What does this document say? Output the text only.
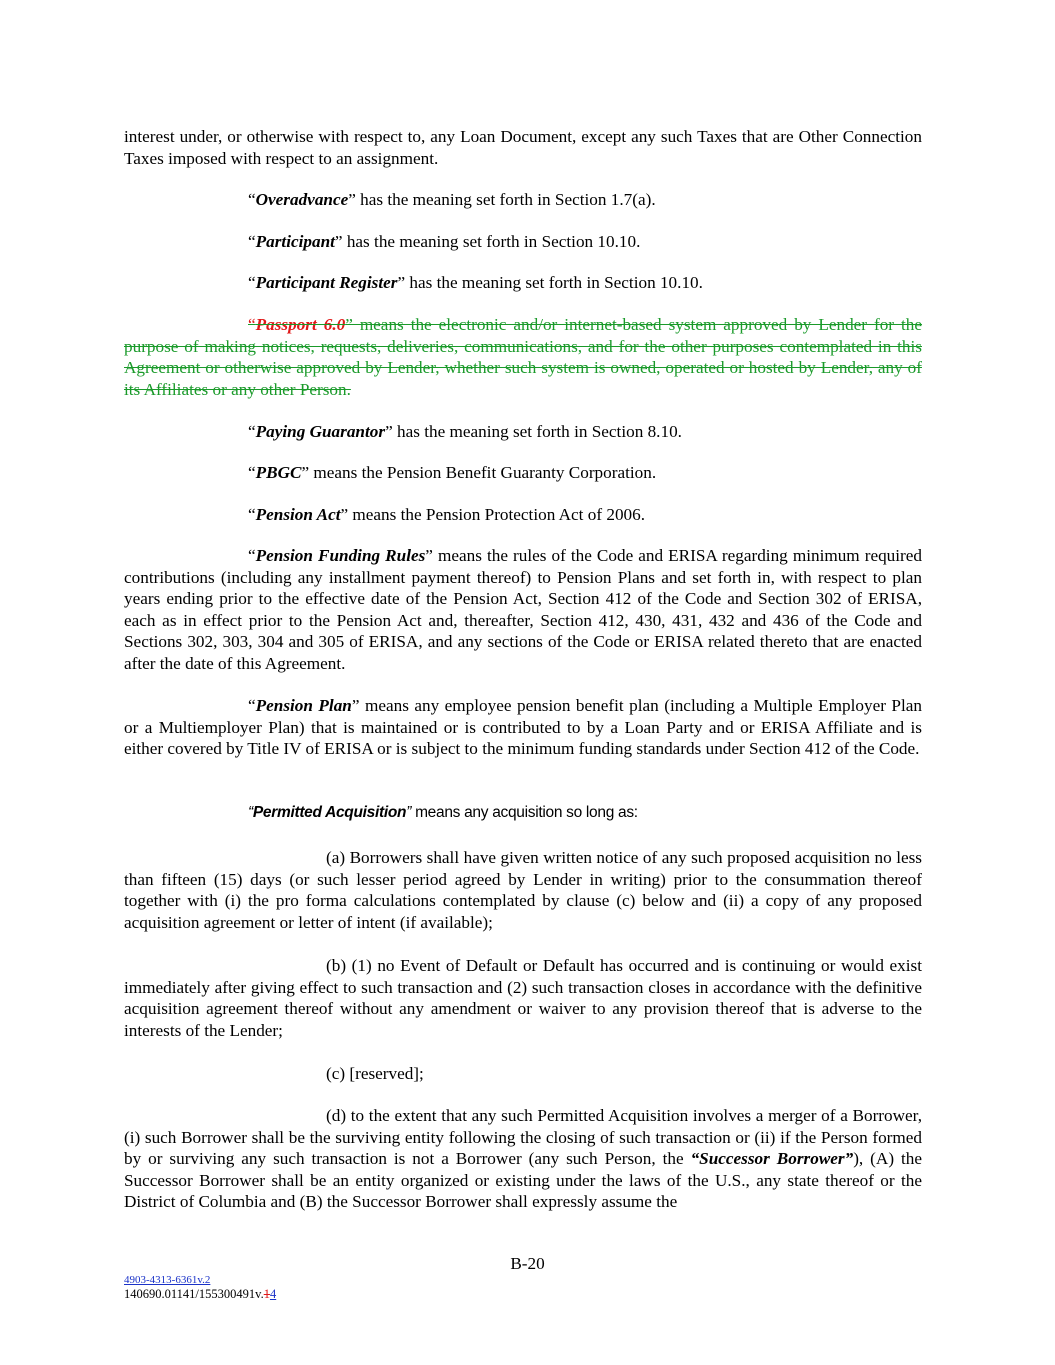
interest under, or otherwise with respect to, any Loan Document, except any such Taxes that are Other Connection Taxes imposed with respect to an assignment.

“Overadvance” has the meaning set forth in Section 1.7(a).

“Participant” has the meaning set forth in Section 10.10.

“Participant Register” has the meaning set forth in Section 10.10.

“Passport 6.0” means the electronic and/or internet-based system approved by Lender for the purpose of making notices, requests, deliveries, communications, and for the other purposes contemplated in this Agreement or otherwise approved by Lender, whether such system is owned, operated or hosted by Lender, any of its Affiliates or any other Person.

“Paying Guarantor” has the meaning set forth in Section 8.10.

“PBGC” means the Pension Benefit Guaranty Corporation.

“Pension Act” means the Pension Protection Act of 2006.

“Pension Funding Rules” means the rules of the Code and ERISA regarding minimum required contributions (including any installment payment thereof) to Pension Plans and set forth in, with respect to plan years ending prior to the effective date of the Pension Act, Section 412 of the Code and Section 302 of ERISA, each as in effect prior to the Pension Act and, thereafter, Section 412, 430, 431, 432 and 436 of the Code and Sections 302, 303, 304 and 305 of ERISA, and any sections of the Code or ERISA related thereto that are enacted after the date of this Agreement.

“Pension Plan” means any employee pension benefit plan (including a Multiple Employer Plan or a Multiemployer Plan) that is maintained or is contributed to by a Loan Party and or ERISA Affiliate and is either covered by Title IV of ERISA or is subject to the minimum funding standards under Section 412 of the Code.

“Permitted Acquisition” means any acquisition so long as:

(a) Borrowers shall have given written notice of any such proposed acquisition no less than fifteen (15) days (or such lesser period agreed by Lender in writing) prior to the consummation thereof together with (i) the pro forma calculations contemplated by clause (c) below and (ii) a copy of any proposed acquisition agreement or letter of intent (if available);

(b) (1) no Event of Default or Default has occurred and is continuing or would exist immediately after giving effect to such transaction and (2) such transaction closes in accordance with the definitive acquisition agreement thereof without any amendment or waiver to any provision thereof that is adverse to the interests of the Lender;

(c) [reserved];

(d) to the extent that any such Permitted Acquisition involves a merger of a Borrower, (i) such Borrower shall be the surviving entity following the closing of such transaction or (ii) if the Person formed by or surviving any such transaction is not a Borrower (any such Person, the “Successor Borrower”), (A) the Successor Borrower shall be an entity organized or existing under the laws of the U.S., any state thereof or the District of Columbia and (B) the Successor Borrower shall expressly assume the

B-20
4903-4313-6361v.2
140690.01141/155300491v.14
